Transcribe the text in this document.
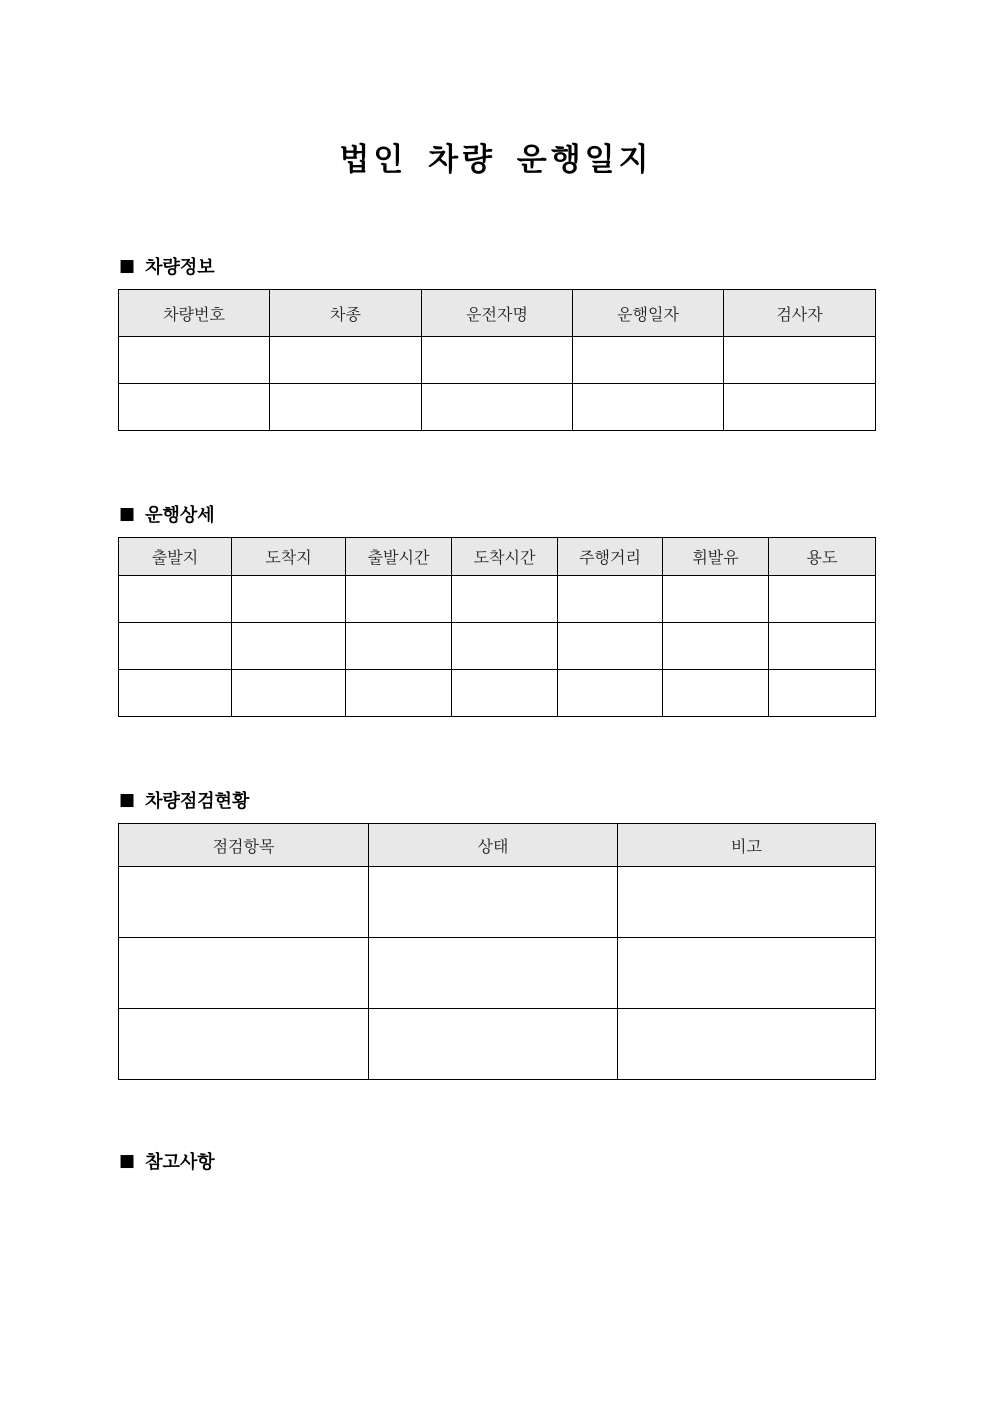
법인 차량 운행일지
■ 차량정보
차량번호	차종	운전자명	운행일자	검사자

■ 운행상세
출발지	도착지	출발시간	도착시간	주행거리	휘발유	용도

■ 차량점검현황
점검항목	상태	비고

■ 참고사항
